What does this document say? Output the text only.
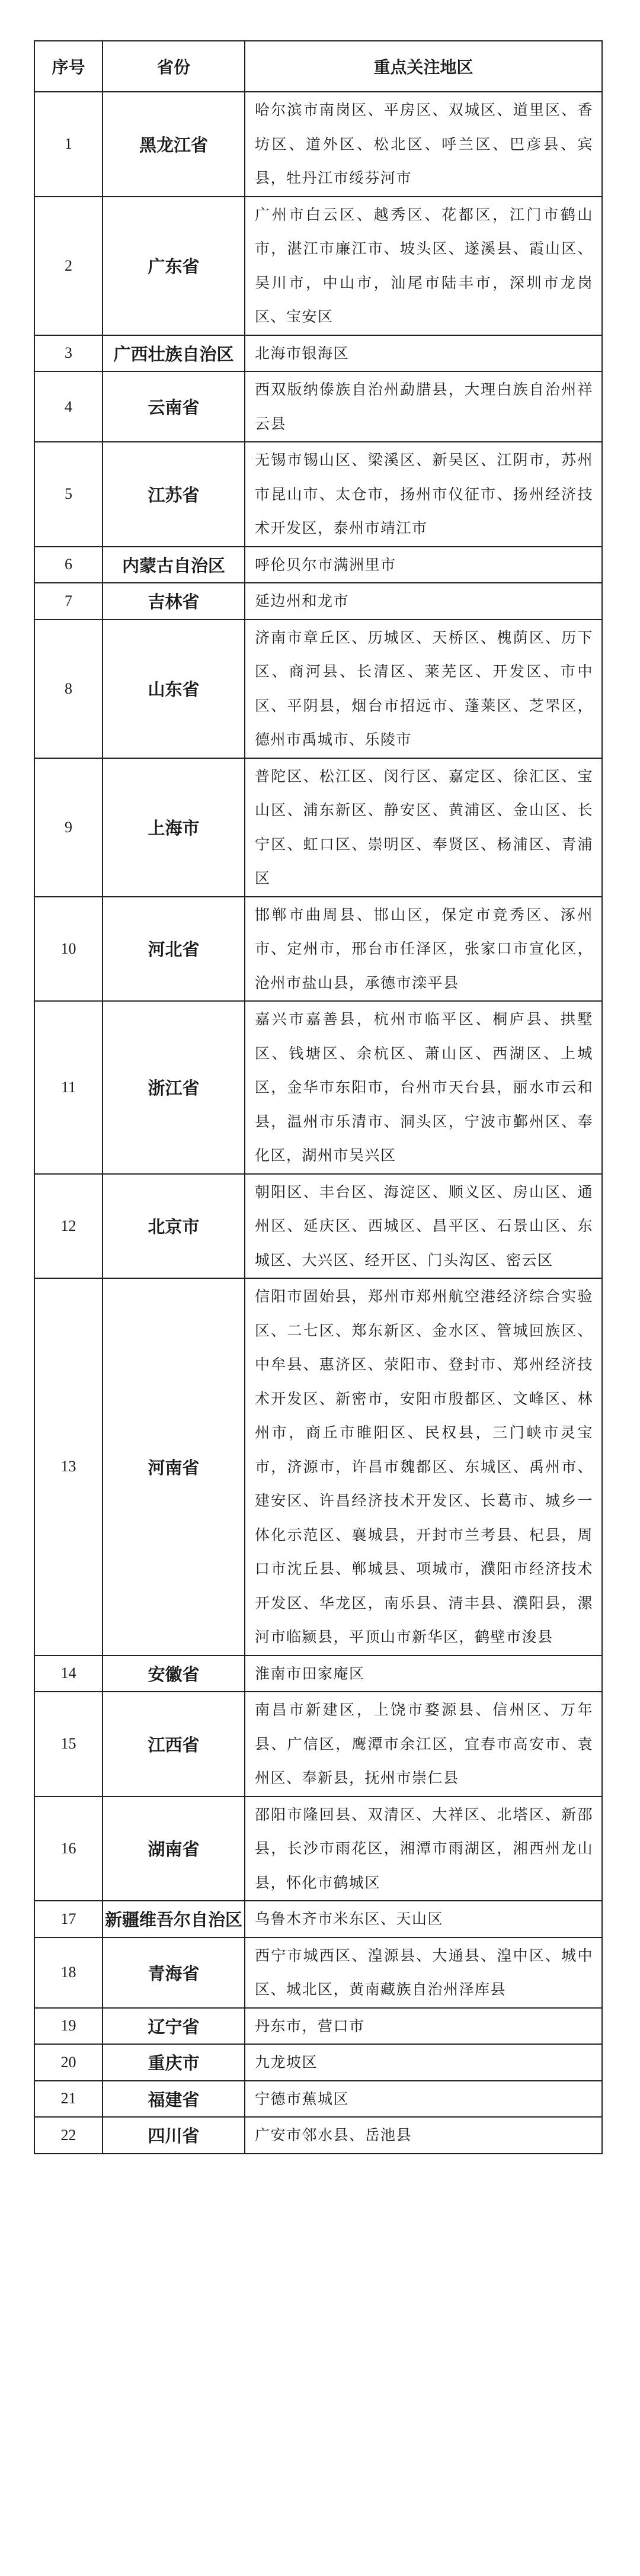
序号	省份	重点关注地区
1	黑龙江省	哈尔滨市南岗区、平房区、双城区、道里区、香坊区、道外区、松北区、呼兰区、巴彦县、宾县，牡丹江市绥芬河市
2	广东省	广州市白云区、越秀区、花都区，江门市鹤山市，湛江市廉江市、坡头区、遂溪县、霞山区、吴川市，中山市，汕尾市陆丰市，深圳市龙岗区、宝安区
3	广西壮族自治区	北海市银海区
4	云南省	西双版纳傣族自治州勐腊县，大理白族自治州祥云县
5	江苏省	无锡市锡山区、梁溪区、新吴区、江阴市，苏州市昆山市、太仓市，扬州市仪征市、扬州经济技术开发区，泰州市靖江市
6	内蒙古自治区	呼伦贝尔市满洲里市
7	吉林省	延边州和龙市
8	山东省	济南市章丘区、历城区、天桥区、槐荫区、历下区、商河县、长清区、莱芜区、开发区、市中区、平阴县，烟台市招远市、蓬莱区、芝罘区，德州市禹城市、乐陵市
9	上海市	普陀区、松江区、闵行区、嘉定区、徐汇区、宝山区、浦东新区、静安区、黄浦区、金山区、长宁区、虹口区、崇明区、奉贤区、杨浦区、青浦区
10	河北省	邯郸市曲周县、邯山区，保定市竞秀区、涿州市、定州市，邢台市任泽区，张家口市宣化区，沧州市盐山县，承德市滦平县
11	浙江省	嘉兴市嘉善县，杭州市临平区、桐庐县、拱墅区、钱塘区、余杭区、萧山区、西湖区、上城区，金华市东阳市，台州市天台县，丽水市云和县，温州市乐清市、洞头区，宁波市鄞州区、奉化区，湖州市吴兴区
12	北京市	朝阳区、丰台区、海淀区、顺义区、房山区、通州区、延庆区、西城区、昌平区、石景山区、东城区、大兴区、经开区、门头沟区、密云区
13	河南省	信阳市固始县，郑州市郑州航空港经济综合实验区、二七区、郑东新区、金水区、管城回族区、中牟县、惠济区、荥阳市、登封市、郑州经济技术开发区、新密市，安阳市殷都区、文峰区、林州市，商丘市睢阳区、民权县，三门峡市灵宝市，济源市，许昌市魏都区、东城区、禹州市、建安区、许昌经济技术开发区、长葛市、城乡一体化示范区、襄城县，开封市兰考县、杞县，周口市沈丘县、郸城县、项城市，濮阳市经济技术开发区、华龙区，南乐县、清丰县、濮阳县，漯河市临颍县，平顶山市新华区，鹤壁市浚县
14	安徽省	淮南市田家庵区
15	江西省	南昌市新建区，上饶市婺源县、信州区、万年县、广信区，鹰潭市余江区，宜春市高安市、袁州区、奉新县，抚州市崇仁县
16	湖南省	邵阳市隆回县、双清区、大祥区、北塔区、新邵县，长沙市雨花区，湘潭市雨湖区，湘西州龙山县，怀化市鹤城区
17	新疆维吾尔自治区	乌鲁木齐市米东区、天山区
18	青海省	西宁市城西区、湟源县、大通县、湟中区、城中区、城北区，黄南藏族自治州泽库县
19	辽宁省	丹东市，营口市
20	重庆市	九龙坡区
21	福建省	宁德市蕉城区
22	四川省	广安市邻水县、岳池县
